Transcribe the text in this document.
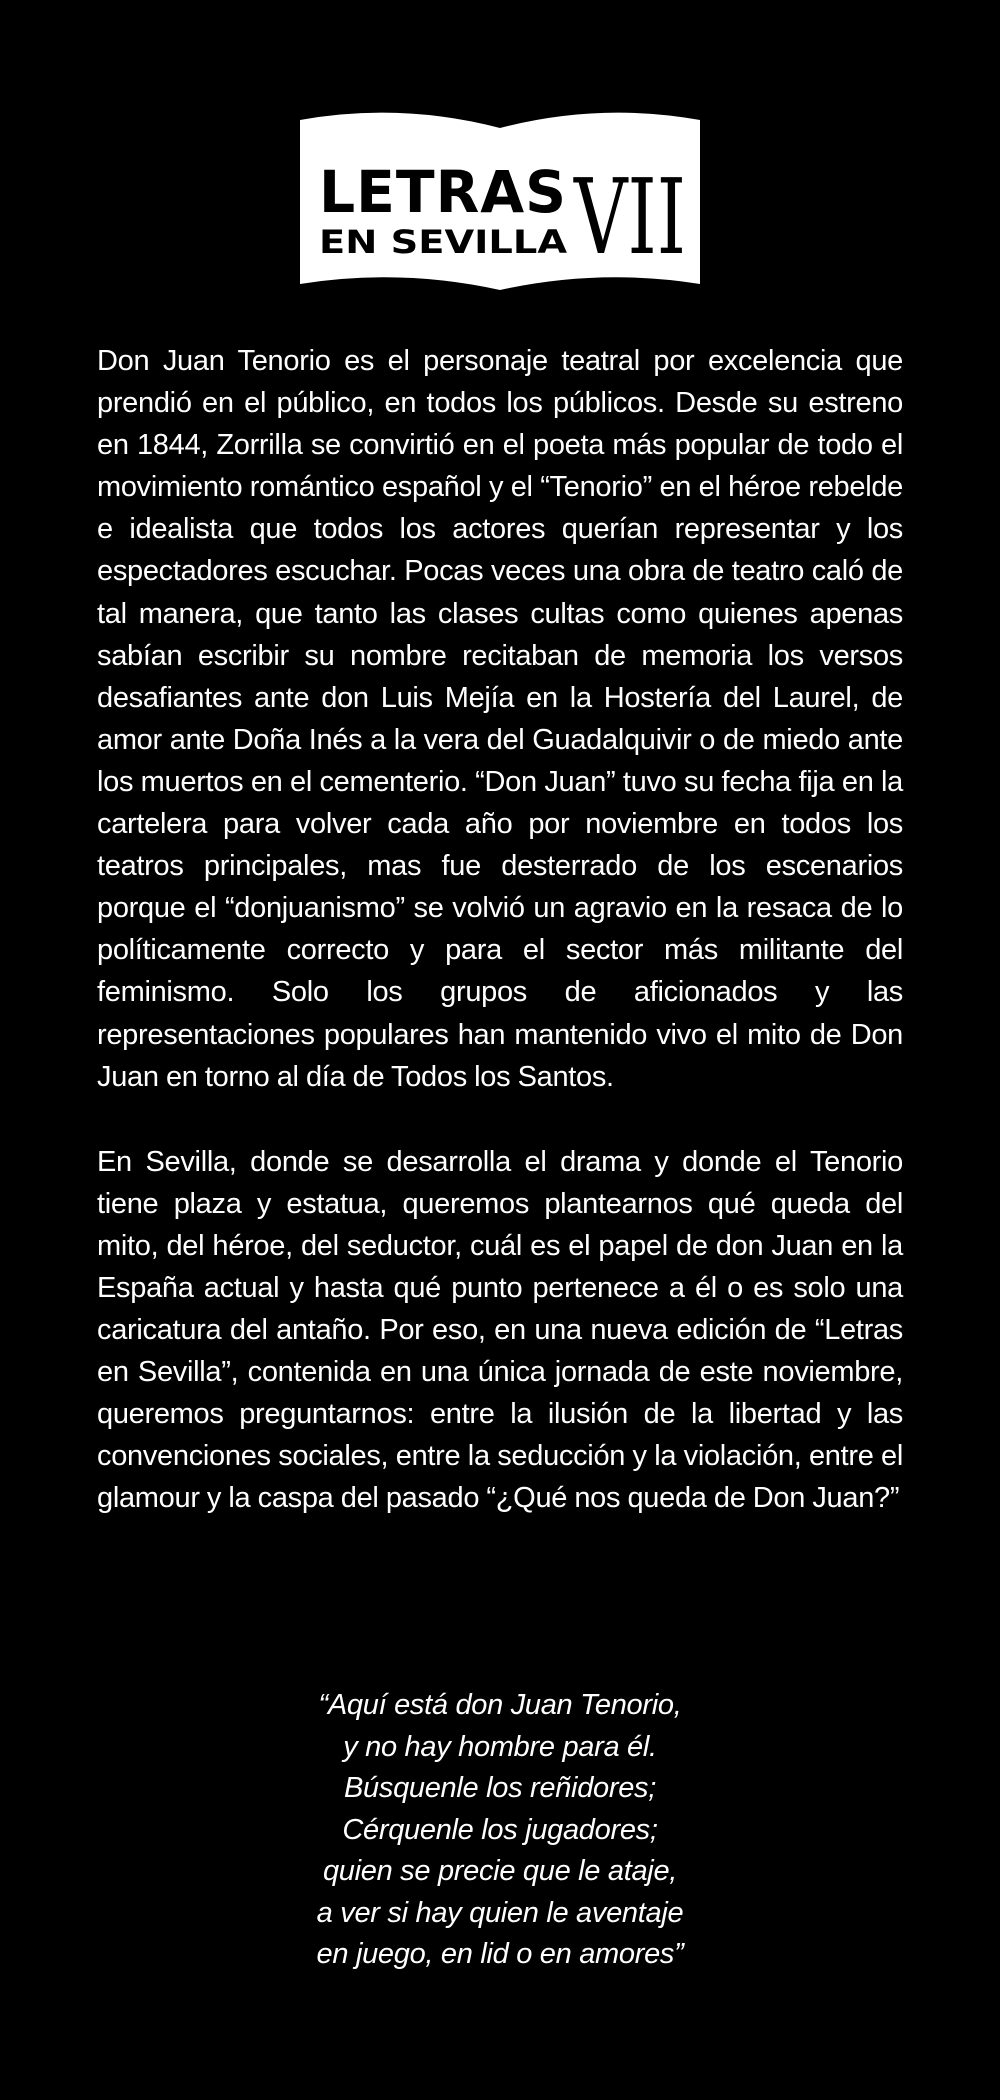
LETRAS
EN SEVILLA VII

Don Juan Tenorio es el personaje teatral por excelencia que prendió en el público, en todos los públicos. Desde su estreno en 1844, Zorrilla se convirtió en el poeta más popular de todo el movimiento romántico español y el “Tenorio” en el héroe rebelde e idealista que todos los actores querían representar y los espectadores escuchar. Pocas veces una obra de teatro caló de tal manera, que tanto las clases cultas como quienes apenas sabían escribir su nombre recitaban de memoria los versos desafiantes ante don Luis Mejía en la Hostería del Laurel, de amor ante Doña Inés a la vera del Guadalquivir o de miedo ante los muertos en el cementerio. “Don Juan” tuvo su fecha fija en la cartelera para volver cada año por noviembre en todos los teatros principales, mas fue desterrado de los escenarios porque el “donjuanismo” se volvió un agravio en la resaca de lo políticamente correcto y para el sector más militante del feminismo. Solo los grupos de aficionados y las representaciones populares han mantenido vivo el mito de Don Juan en torno al día de Todos los Santos.

En Sevilla, donde se desarrolla el drama y donde el Tenorio tiene plaza y estatua, queremos plantearnos qué queda del mito, del héroe, del seductor, cuál es el papel de don Juan en la España actual y hasta qué punto pertenece a él o es solo una caricatura del antaño. Por eso, en una nueva edición de “Letras en Sevilla”, contenida en una única jornada de este noviembre, queremos preguntarnos: entre la ilusión de la libertad y las convenciones sociales, entre la seducción y la violación, entre el glamour y la caspa del pasado “¿Qué nos queda de Don Juan?”

“Aquí está don Juan Tenorio,
y no hay hombre para él.
Búsquenle los reñidores;
Cérquenle los jugadores;
quien se precie que le ataje,
a ver si hay quien le aventaje
en juego, en lid o en amores”
